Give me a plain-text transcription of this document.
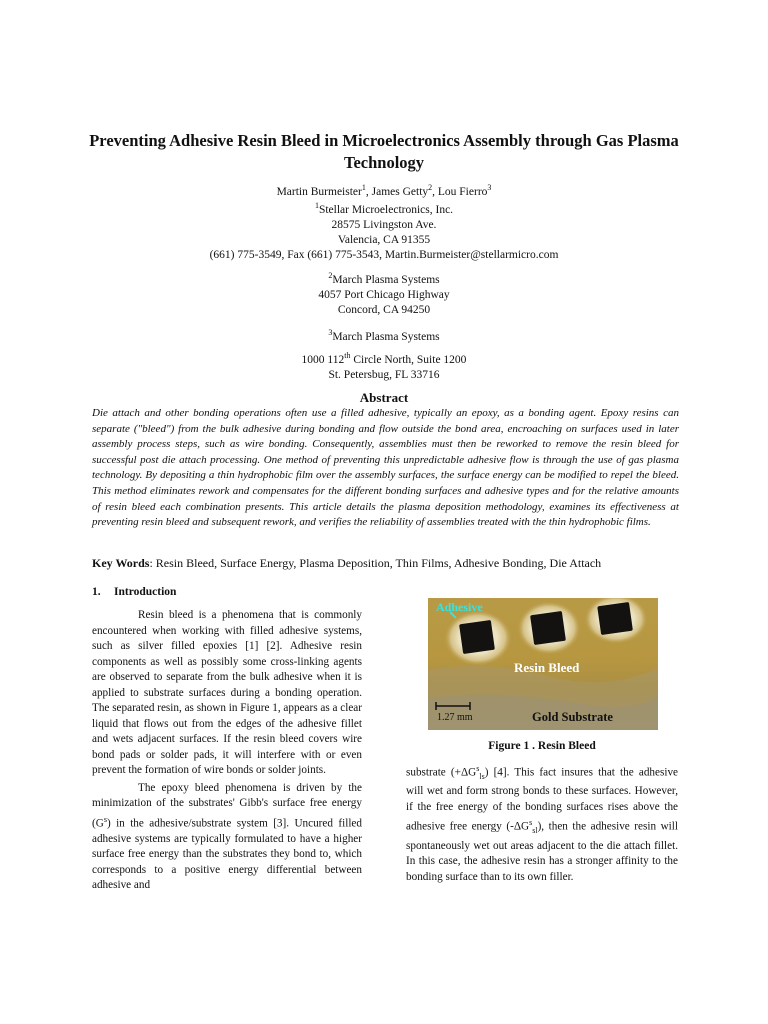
Preventing Adhesive Resin Bleed in Microelectronics Assembly through Gas Plasma Technology
Martin Burmeister$^1$, James Getty$^2$, Lou Fierro$^3$
$^1$Stellar Microelectronics, Inc.
28575 Livingston Ave.
Valencia, CA 91355
(661) 775-3549, Fax (661) 775-3543, Martin.Burmeister@stellarmicro.com
$^2$March Plasma Systems
4057 Port Chicago Highway
Concord, CA 94250
$^3$March Plasma Systems
1000 112th Circle North, Suite 1200
St. Petersbug, FL 33716
Abstract
Die attach and other bonding operations often use a filled adhesive, typically an epoxy, as a bonding agent. Epoxy resins can separate ("bleed") from the bulk adhesive during bonding and flow outside the bond area, encroaching on surfaces used in later assembly process steps, such as wire bonding. Consequently, assemblies must then be reworked to remove the resin bleed for successful post die attach processing. One method of preventing this unpredictable adhesive flow is through the use of gas plasma technology. By depositing a thin hydrophobic film over the assembly surfaces, the surface energy can be modified to repel the bleed. This method eliminates rework and compensates for the different bonding surfaces and adhesive types and for the relative amounts of resin bleed each combination presents. This article details the plasma deposition methodology, examines its effectiveness at preventing resin bleed and subsequent rework, and verifies the reliability of assemblies treated with the thin hydrophobic films.
Key Words: Resin Bleed, Surface Energy, Plasma Deposition, Thin Films, Adhesive Bonding, Die Attach
1. Introduction

Resin bleed is a phenomena that is commonly encountered when working with filled adhesive systems, such as silver filled epoxies [1] [2]. Adhesive resin components as well as possibly some cross-linking agents are observed to separate from the bulk adhesive when it is applied to substrate surfaces during a bonding operation. The separated resin, as shown in Figure 1, appears as a clear liquid that flows out from the edges of the adhesive fillet and wets adjacent surfaces. If the resin bleed covers wire bond pads or solder pads, it will interfere with or even prevent the formation of wire bonds or solder joints.

The epoxy bleed phenomena is driven by the minimization of the substrates' Gibb's surface free energy $(G^s)$ in the adhesive/substrate system [3]. Uncured filled adhesive systems are typically formulated to have a higher surface free energy than the substrates they bond to, which corresponds to a positive energy differential between adhesive and

Adhesive
Resin Bleed
Gold Substrate
1.27 mm
Figure 1 . Resin Bleed

substrate $(+\Delta G^s_{ls})$ [4]. This fact insures that the adhesive will wet and form strong bonds to these surfaces. However, if the free energy of the bonding surfaces rises above the adhesive free energy $(-\Delta G^s_{sl})$, then the adhesive resin will spontaneously wet out areas adjacent to the die attach fillet. In this case, the adhesive resin has a stronger affinity to the bonding surface than to its own filler.
